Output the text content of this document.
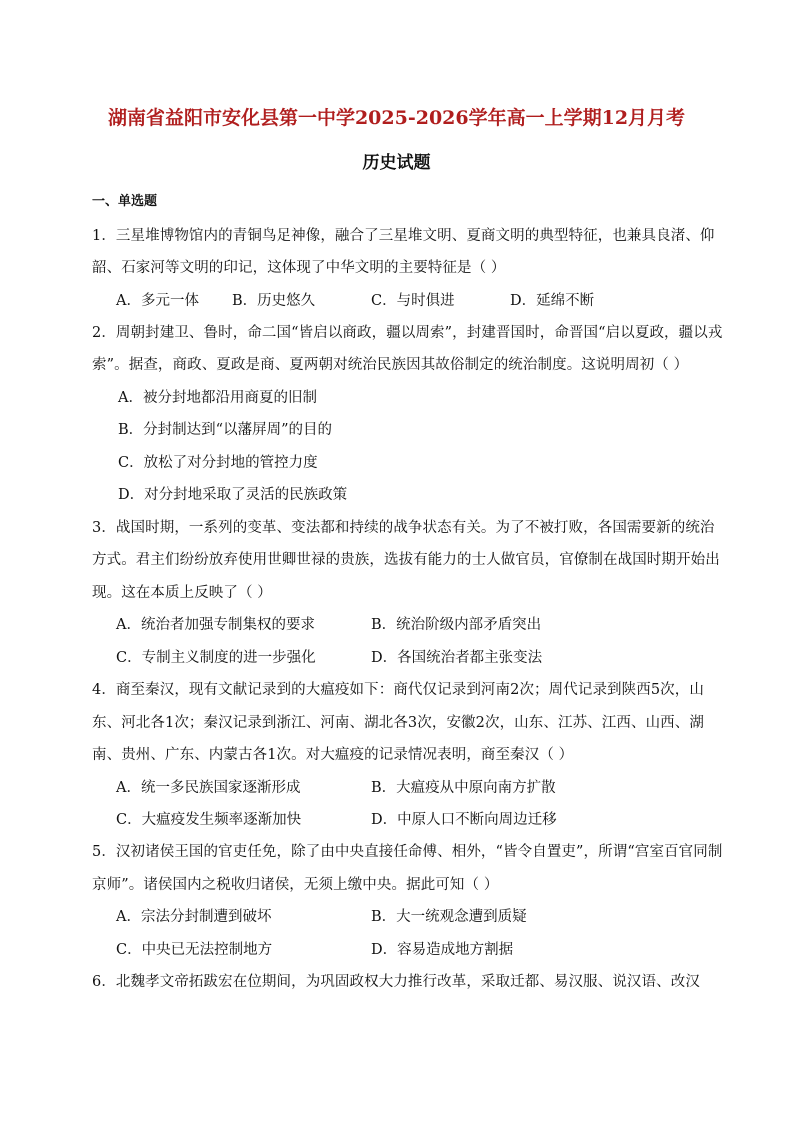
湖南省益阳市安化县第一中学2025-2026学年高一上学期12月月考
历史试题
一、单选题
1．三星堆博物馆内的青铜鸟足神像，融合了三星堆文明、夏商文明的典型特征，也兼具良渚、仰
韶、石家河等文明的印记，这体现了中华文明的主要特征是（ ）
A．多元一体 B．历史悠久	C．与时俱进	D．延绵不断
2．周朝封建卫、鲁时，命二国“皆启以商政，疆以周索”，封建晋国时，命晋国“启以夏政，疆以戎
索”。据查，商政、夏政是商、夏两朝对统治民族因其故俗制定的统治制度。这说明周初（ ）
A．被分封地都沿用商夏的旧制
B．分封制达到“以藩屏周”的目的
C．放松了对分封地的管控力度
D．对分封地采取了灵活的民族政策
3．战国时期，一系列的变革、变法都和持续的战争状态有关。为了不被打败，各国需要新的统治
方式。君主们纷纷放弃使用世卿世禄的贵族，选拔有能力的士人做官员，官僚制在战国时期开始出
现。这在本质上反映了（ ）
A．统治者加强专制集权的要求	B．统治阶级内部矛盾突出
C．专制主义制度的进一步强化	D．各国统治者都主张变法
4．商至秦汉，现有文献记录到的大瘟疫如下：商代仅记录到河南2次；周代记录到陕西5次，山
东、河北各1次；秦汉记录到浙江、河南、湖北各3次，安徽2次，山东、江苏、江西、山西、湖
南、贵州、广东、内蒙古各1次。对大瘟疫的记录情况表明，商至秦汉（ ）
A．统一多民族国家逐渐形成	B．大瘟疫从中原向南方扩散
C．大瘟疫发生频率逐渐加快	D．中原人口不断向周边迁移
5．汉初诸侯王国的官吏任免，除了由中央直接任命傅、相外，“皆令自置吏”，所谓“宫室百官同制
京师”。诸侯国内之税收归诸侯，无须上缴中央。据此可知（ ）
A．宗法分封制遭到破坏	B．大一统观念遭到质疑
C．中央已无法控制地方	D．容易造成地方割据
6．北魏孝文帝拓跋宏在位期间，为巩固政权大力推行改革，采取迁都、易汉服、说汉语、改汉
